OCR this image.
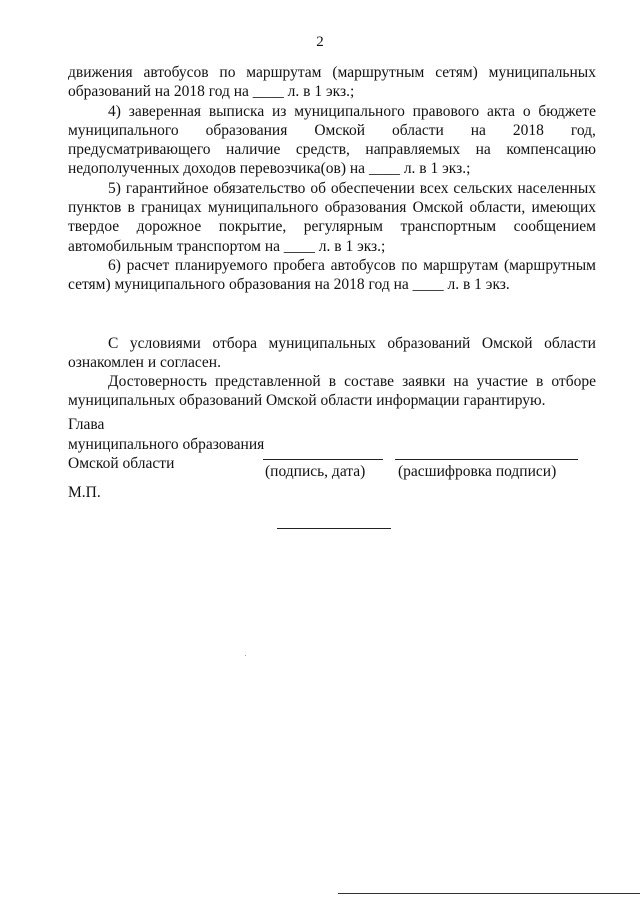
2
движения автобусов по маршрутам (маршрутным сетям) муниципальных
образований на 2018 год на ____ л. в 1 экз.;
4) заверенная выписка из муниципального правового акта о бюджете
муниципального образования Омской области на 2018 год,
предусматривающего наличие средств, направляемых на компенсацию
недополученных доходов перевозчика(ов) на ____ л. в 1 экз.;
5) гарантийное обязательство об обеспечении всех сельских населенных
пунктов в границах муниципального образования Омской области, имеющих
твердое дорожное покрытие, регулярным транспортным сообщением
автомобильным транспортом на ____ л. в 1 экз.;
6) расчет планируемого пробега автобусов по маршрутам (маршрутным
сетям) муниципального образования на 2018 год на ____ л. в 1 экз.
С условиями отбора муниципальных образований Омской области
ознакомлен и согласен.
Достоверность представленной в составе заявки на участие в отборе
муниципальных образований Омской области информации гарантирую.
Глава
муниципального образования
Омской области	(подпись, дата) (расшифровка подписи)
М.П.
